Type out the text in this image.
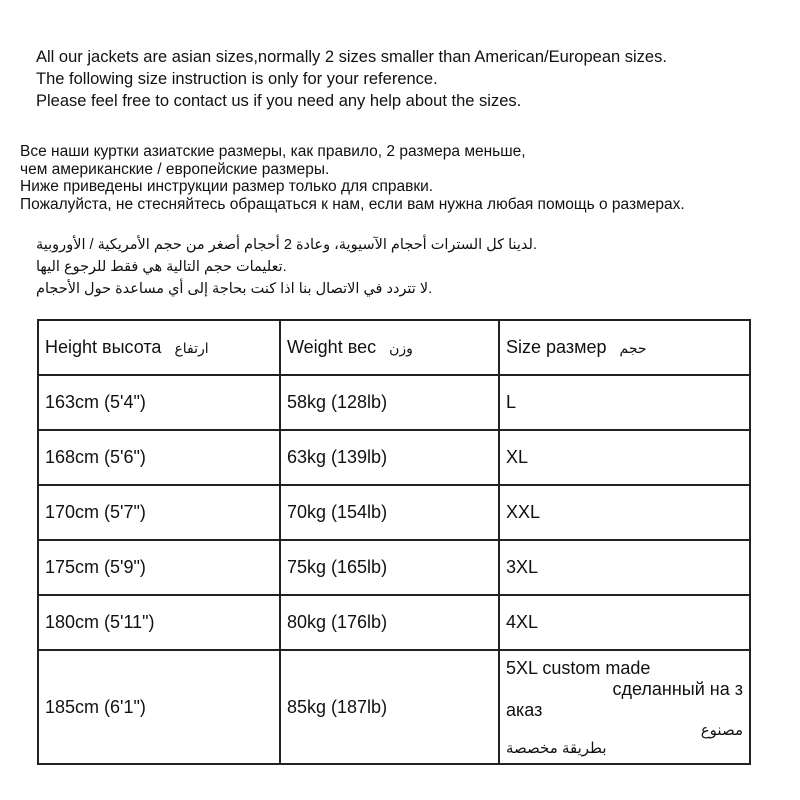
All our jackets are asian sizes,normally 2 sizes smaller than American/European sizes.
The following size instruction is only for your reference.
Please feel free to contact us if you need any help about the sizes.
Все наши куртки азиатские размеры, как правило, 2 размера меньше,
чем американские / европейские размеры.
Ниже приведены инструкции размер только для справки.
Пожалуйста, не стесняйтесь обращаться к нам, если вам нужна любая помощь о размерах.
لدينا كل السترات أحجام الآسيوية، وعادة 2 أحجام أصغر من حجم الأمريكية / الأوروبية.
تعليمات حجم التالية هي فقط للرجوع اليها.
لا تتردد في الاتصال بنا اذا كنت بحاجة إلى أي مساعدة حول الأحجام.
Height высота ارتفاع	Weight вес وزن	Size размер حجم
163cm (5'4")	58kg (128lb)	L
168cm (5'6")	63kg (139lb)	XL
170cm (5'7")	70kg (154lb)	XXL
175cm (5'9")	75kg (165lb)	3XL
180cm (5'11")	80kg (176lb)	4XL
185cm (6'1")	85kg (187lb)	5XL custom made
сделанный на з
аказ
مصنوع
بطريقة مخصصة
